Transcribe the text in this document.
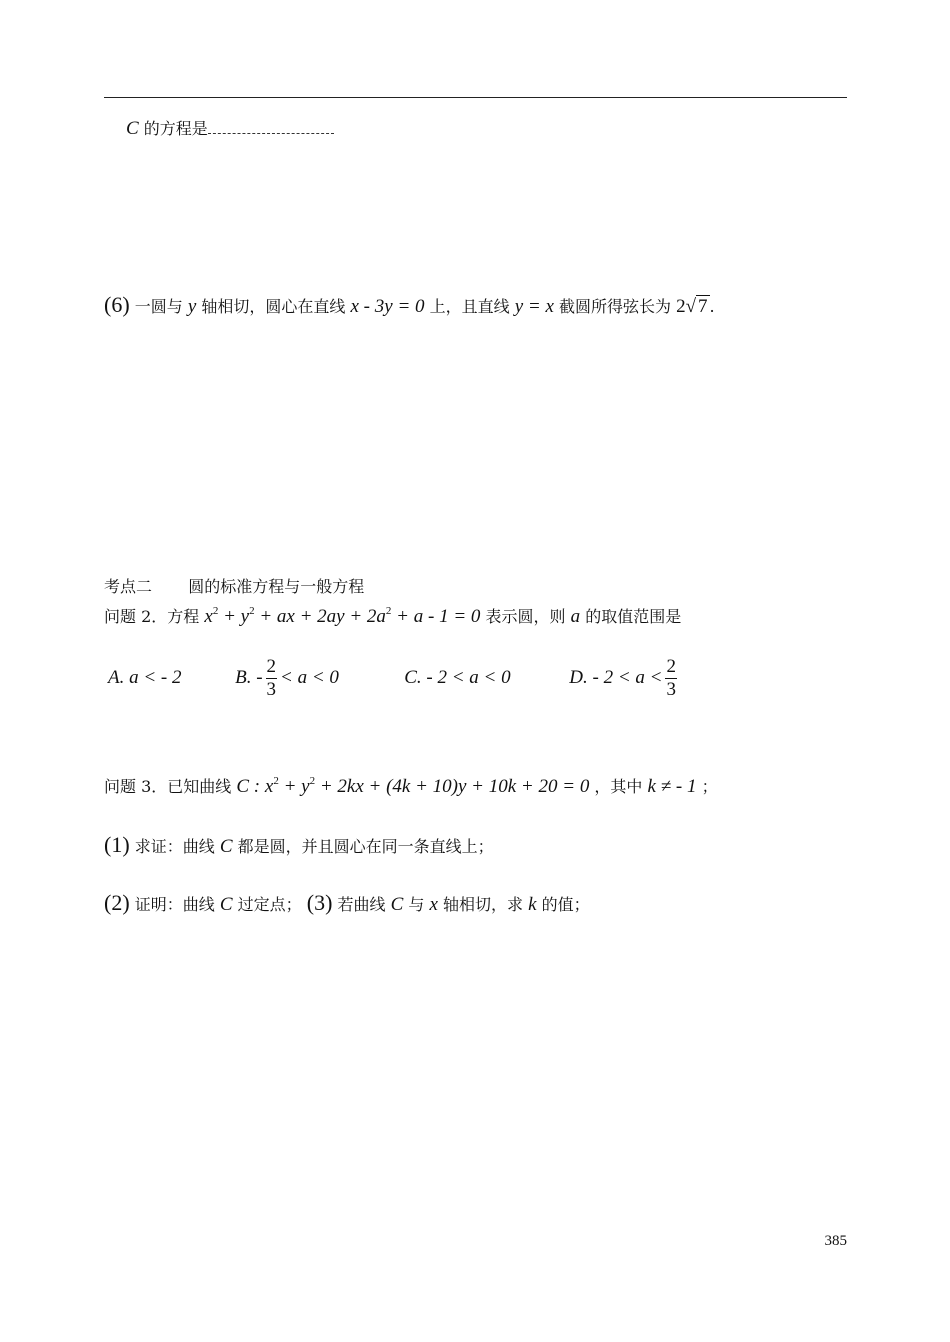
C 的方程是
(6) 一圆与 y 轴相切，圆心在直线 x - 3y = 0 上，且直线 y = x 截圆所得弦长为 2√ 7 .
考点二 圆的标准方程与一般方程
问题 2．方程 $x^2 + y^2$ + ax + $2ay + 2a^2 + a - 1 = 0$ 表示圆，则 a 的取值范围是
A. a < - 2	B. - $\frac{2}{3} < a < 0$	C. - 2 < a < 0	D. - $2 < a < \frac{2}{3}$
问题 3．已知曲线 C : $x^2 + y^2 + 2kx + (4k + 10)y + 10k + 20 = 0$ ，其中 k ≠ - 1 ；
(1) 求证：曲线 C 都是圆，并且圆心在同一条直线上；
(2) 证明：曲线 C 过定点； (3) 若曲线 C 与 x 轴相切，求 k 的值；
385
